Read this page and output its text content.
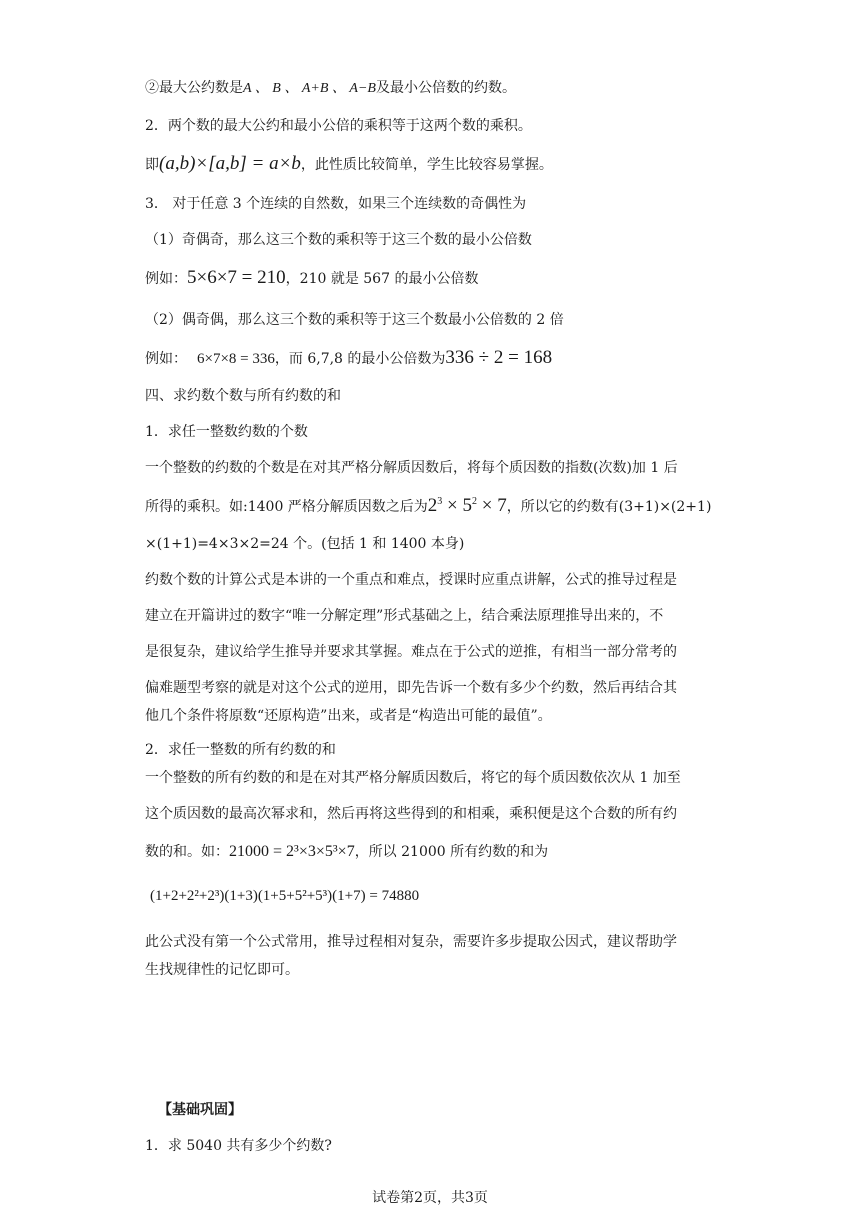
②最大公约数是A 、 B 、 A+B 、 A−B及最小公倍数的约数。
2．两个数的最大公约和最小公倍的乘积等于这两个数的乘积。
即(a,b)×[a,b] = a×b，此性质比较简单，学生比较容易掌握。
3． 对于任意 3 个连续的自然数，如果三个连续数的奇偶性为
（1）奇偶奇，那么这三个数的乘积等于这三个数的最小公倍数
例如：5×6×7 = 210，210 就是 567 的最小公倍数
（2）偶奇偶，那么这三个数的乘积等于这三个数最小公倍数的 2 倍
例如： 6×7×8 = 336，而 6,7,8 的最小公倍数为336 ÷ 2 = 168
四、求约数个数与所有约数的和
1．求任一整数约数的个数
一个整数的约数的个数是在对其严格分解质因数后，将每个质因数的指数(次数)加 1 后
所得的乘积。如:1400 严格分解质因数之后为$2^3 \times 5^2 \times 7$，所以它的约数有(3+1)×(2+1)
×(1+1)=4×3×2=24 个。(包括 1 和 1400 本身)
约数个数的计算公式是本讲的一个重点和难点，授课时应重点讲解，公式的推导过程是
建立在开篇讲过的数字“唯一分解定理”形式基础之上，结合乘法原理推导出来的，不
是很复杂，建议给学生推导并要求其掌握。难点在于公式的逆推，有相当一部分常考的
偏难题型考察的就是对这个公式的逆用，即先告诉一个数有多少个约数，然后再结合其
他几个条件将原数“还原构造”出来，或者是“构造出可能的最值”。
2．求任一整数的所有约数的和
一个整数的所有约数的和是在对其严格分解质因数后，将它的每个质因数依次从 1 加至
这个质因数的最高次幂求和，然后再将这些得到的和相乘，乘积便是这个合数的所有约
数的和。如：21000 = 2³×3×5³×7，所以 21000 所有约数的和为
(1+2+2²+2³)(1+3)(1+5+5²+5³)(1+7) = 74880
此公式没有第一个公式常用，推导过程相对复杂，需要许多步提取公因式，建议帮助学
生找规律性的记忆即可。
【基础巩固】
1．求 5040 共有多少个约数?
试卷第2页，共3页
